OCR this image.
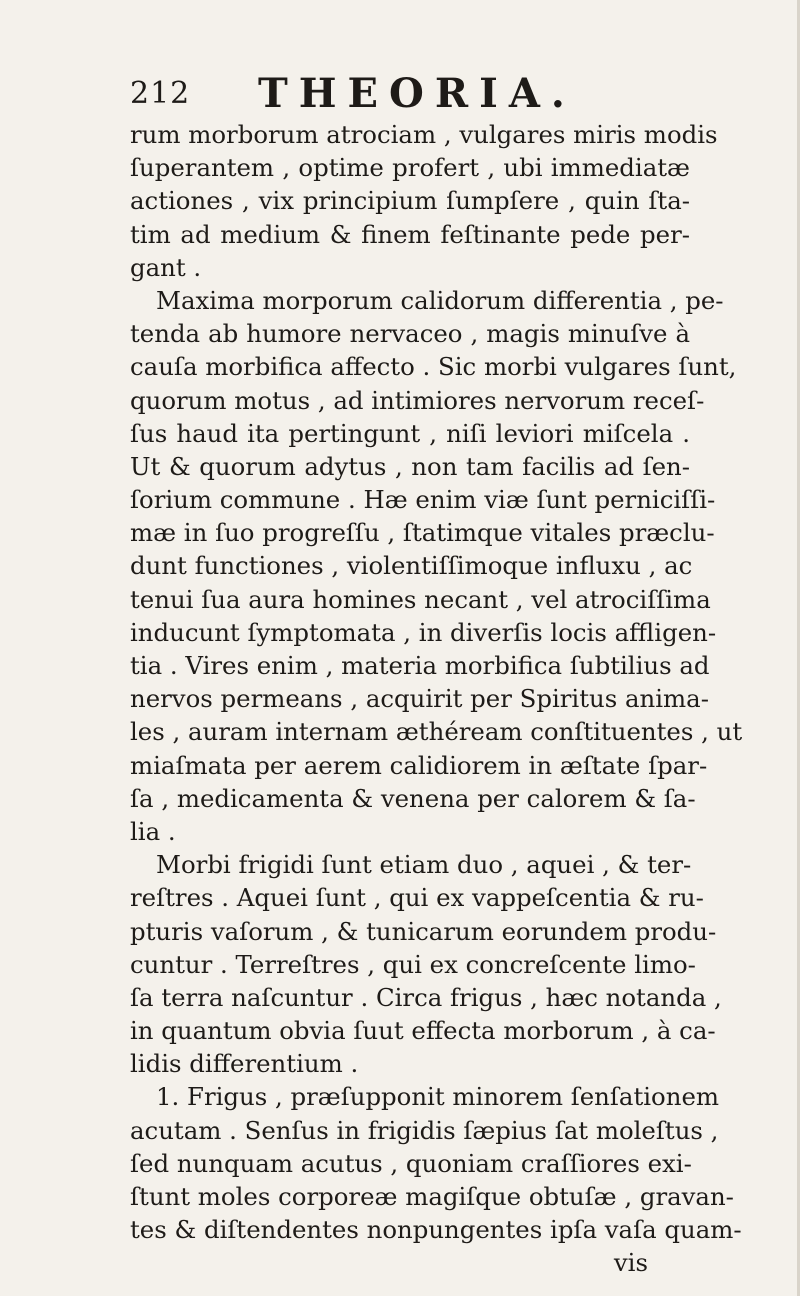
212 THEORIA.
rum morborum atrociam , vulgares miris modis
ſuperantem , optime profert , ubi immediatæ
actiones , vix principium ſumpſere , quin ſta-
tim ad medium & finem feſtinante pede per-
gant .
Maxima morporum calidorum differentia , pe-
tenda ab humore nervaceo , magis minuſve à
cauſa morbifica affecto . Sic morbi vulgares ſunt,
quorum motus , ad intimiores nervorum receſ-
ſus haud ita pertingunt , niſi leviori miſcela .
Ut & quorum adytus , non tam facilis ad ſen-
ſorium commune . Hæ enim viæ ſunt perniciſſi-
mæ in ſuo progreſſu , ſtatimque vitales præclu-
dunt functiones , violentiſſimoque influxu , ac
tenui ſua aura homines necant , vel atrociſſima
inducunt ſymptomata , in diverſis locis affligen-
tia . Vires enim , materia morbifica ſubtilius ad
nervos permeans , acquirit per Spiritus anima-
les , auram internam æthéream conſtituentes , ut
miaſmata per aerem calidiorem in æſtate ſpar-
ſa , medicamenta & venena per calorem & ſa-
lia .
Morbi frigidi ſunt etiam duo , aquei , & ter-
reſtres . Aquei ſunt , qui ex vappeſcentia & ru-
pturis vaſorum , & tunicarum eorundem produ-
cuntur . Terreſtres , qui ex concreſcente limo-
ſa terra naſcuntur . Circa frigus , hæc notanda ,
in quantum obvia ſuut effecta morborum , à ca-
lidis differentium .
1. Frigus , præſupponit minorem ſenſationem
acutam . Senſus in frigidis ſæpius ſat moleſtus ,
ſed nunquam acutus , quoniam craſſiores exi-
ſtunt moles corporeæ magiſque obtuſæ , gravan-
tes & diſtendentes nonpungentes ipſa vaſa quam-
vis
